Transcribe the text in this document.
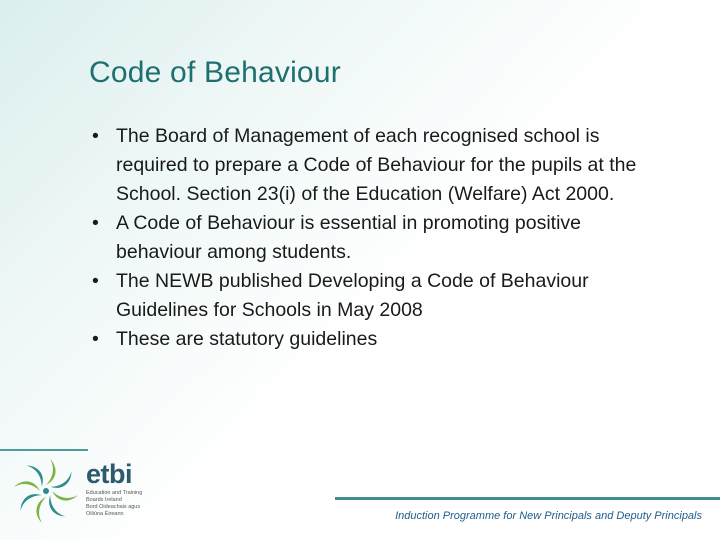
Code of Behaviour
• The Board of Management of each recognised school is required to prepare a Code of Behaviour for the pupils at the School. Section 23(i) of the Education (Welfare) Act 2000.
• A Code of Behaviour is essential in promoting positive behaviour among students.
• The NEWB published Developing a Code of Behaviour Guidelines for Schools in May 2008
• These are statutory guidelines
etbi
Education and Training
Boards Ireland
Bord Oideachais agus
Oiliúna Éireann	Induction Programme for New Principals and Deputy Principals
